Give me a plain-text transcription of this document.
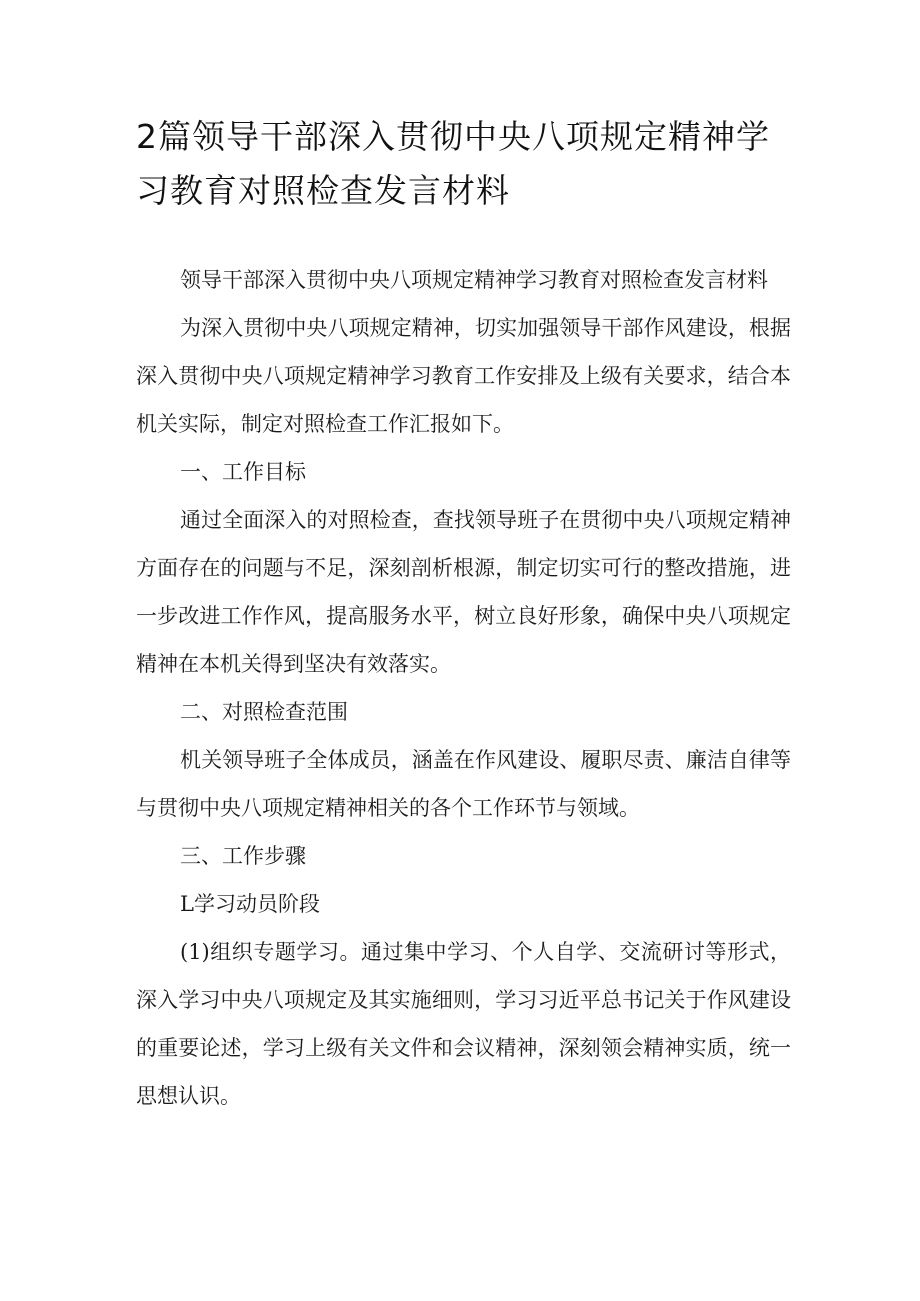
2篇领导干部深入贯彻中央八项规定精神学习教育对照检查发言材料

领导干部深入贯彻中央八项规定精神学习教育对照检查发言材料

为深入贯彻中央八项规定精神，切实加强领导干部作风建设，根据深入贯彻中央八项规定精神学习教育工作安排及上级有关要求，结合本机关实际，制定对照检查工作汇报如下。

一、工作目标

通过全面深入的对照检查，查找领导班子在贯彻中央八项规定精神方面存在的问题与不足，深刻剖析根源，制定切实可行的整改措施，进一步改进工作作风，提高服务水平，树立良好形象，确保中央八项规定精神在本机关得到坚决有效落实。

二、对照检查范围

机关领导班子全体成员，涵盖在作风建设、履职尽责、廉洁自律等与贯彻中央八项规定精神相关的各个工作环节与领域。

三、工作步骤

L学习动员阶段

(1)组织专题学习。通过集中学习、个人自学、交流研讨等形式，深入学习中央八项规定及其实施细则，学习习近平总书记关于作风建设的重要论述，学习上级有关文件和会议精神，深刻领会精神实质，统一思想认识。
